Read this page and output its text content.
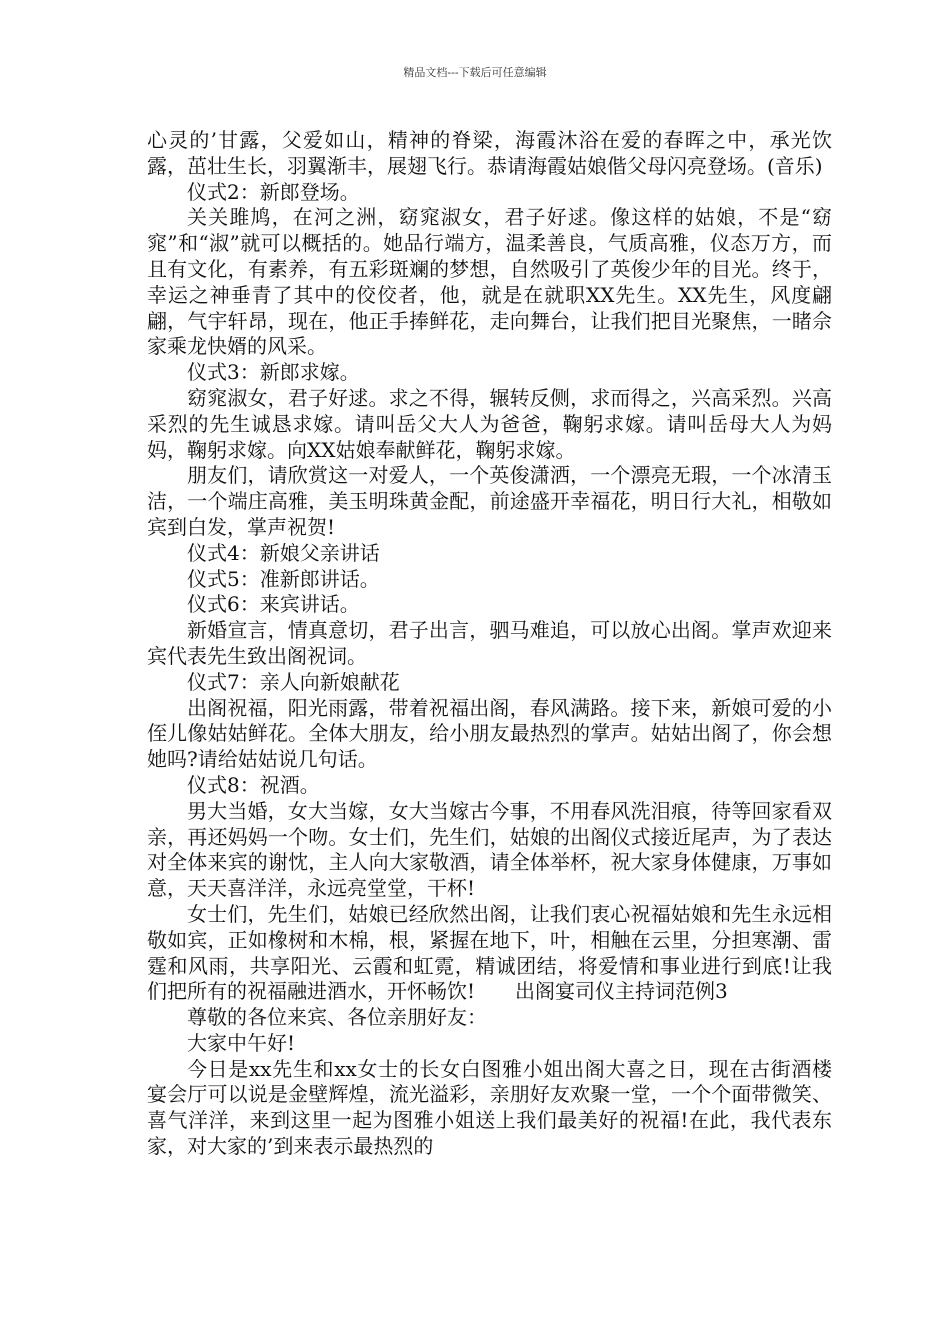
精品文档---下载后可任意编辑

心灵的’甘露，父爱如山，精神的脊梁，海霞沐浴在爱的春晖之中，承光饮露，茁壮生长，羽翼渐丰，展翅飞行。恭请海霞姑娘偕父母闪亮登场。(音乐)

仪式2：新郎登场。

关关雎鸠，在河之洲，窈窕淑女，君子好逑。像这样的姑娘，不是“窈窕”和“淑”就可以概括的。她品行端方，温柔善良，气质高雅，仪态万方，而且有文化，有素养，有五彩斑斓的梦想，自然吸引了英俊少年的目光。终于，幸运之神垂青了其中的佼佼者，他，就是在就职XX先生。XX先生，风度翩翩，气宇轩昂，现在，他正手捧鲜花，走向舞台，让我们把目光聚焦，一睹佘家乘龙快婿的风采。

仪式3：新郎求嫁。

窈窕淑女，君子好逑。求之不得，辗转反侧，求而得之，兴高采烈。兴高采烈的先生诚恳求嫁。请叫岳父大人为爸爸，鞠躬求嫁。请叫岳母大人为妈妈，鞠躬求嫁。向XX姑娘奉献鲜花，鞠躬求嫁。

朋友们，请欣赏这一对爱人，一个英俊潇洒，一个漂亮无瑕，一个冰清玉洁，一个端庄高雅，美玉明珠黄金配，前途盛开幸福花，明日行大礼，相敬如宾到白发，掌声祝贺!

仪式4：新娘父亲讲话

仪式5：准新郎讲话。

仪式6：来宾讲话。

新婚宣言，情真意切，君子出言，驷马难追，可以放心出阁。掌声欢迎来宾代表先生致出阁祝词。

仪式7：亲人向新娘献花

出阁祝福，阳光雨露，带着祝福出阁，春风满路。接下来，新娘可爱的小侄儿像姑姑鲜花。全体大朋友，给小朋友最热烈的掌声。姑姑出阁了，你会想她吗?请给姑姑说几句话。

仪式8：祝酒。

男大当婚，女大当嫁，女大当嫁古今事，不用春风洗泪痕，待等回家看双亲，再还妈妈一个吻。女士们，先生们，姑娘的出阁仪式接近尾声，为了表达对全体来宾的谢忱，主人向大家敬酒，请全体举杯，祝大家身体健康，万事如意，天天喜洋洋，永远亮堂堂，干杯!

女士们，先生们，姑娘已经欣然出阁，让我们衷心祝福姑娘和先生永远相敬如宾，正如橡树和木棉，根，紧握在地下，叶，相触在云里，分担寒潮、雷霆和风雨，共享阳光、云霞和虹霓，精诚团结，将爱情和事业进行到底!让我们把所有的祝福融进酒水，开怀畅饮!　　出阁宴司仪主持词范例3

尊敬的各位来宾、各位亲朋好友：

大家中午好!

今日是xx先生和xx女士的长女白图雅小姐出阁大喜之日，现在古街酒楼宴会厅可以说是金壁辉煌，流光溢彩，亲朋好友欢聚一堂，一个个面带微笑、喜气洋洋，来到这里一起为图雅小姐送上我们最美好的祝福!在此，我代表东家，对大家的’到来表示最热烈的
